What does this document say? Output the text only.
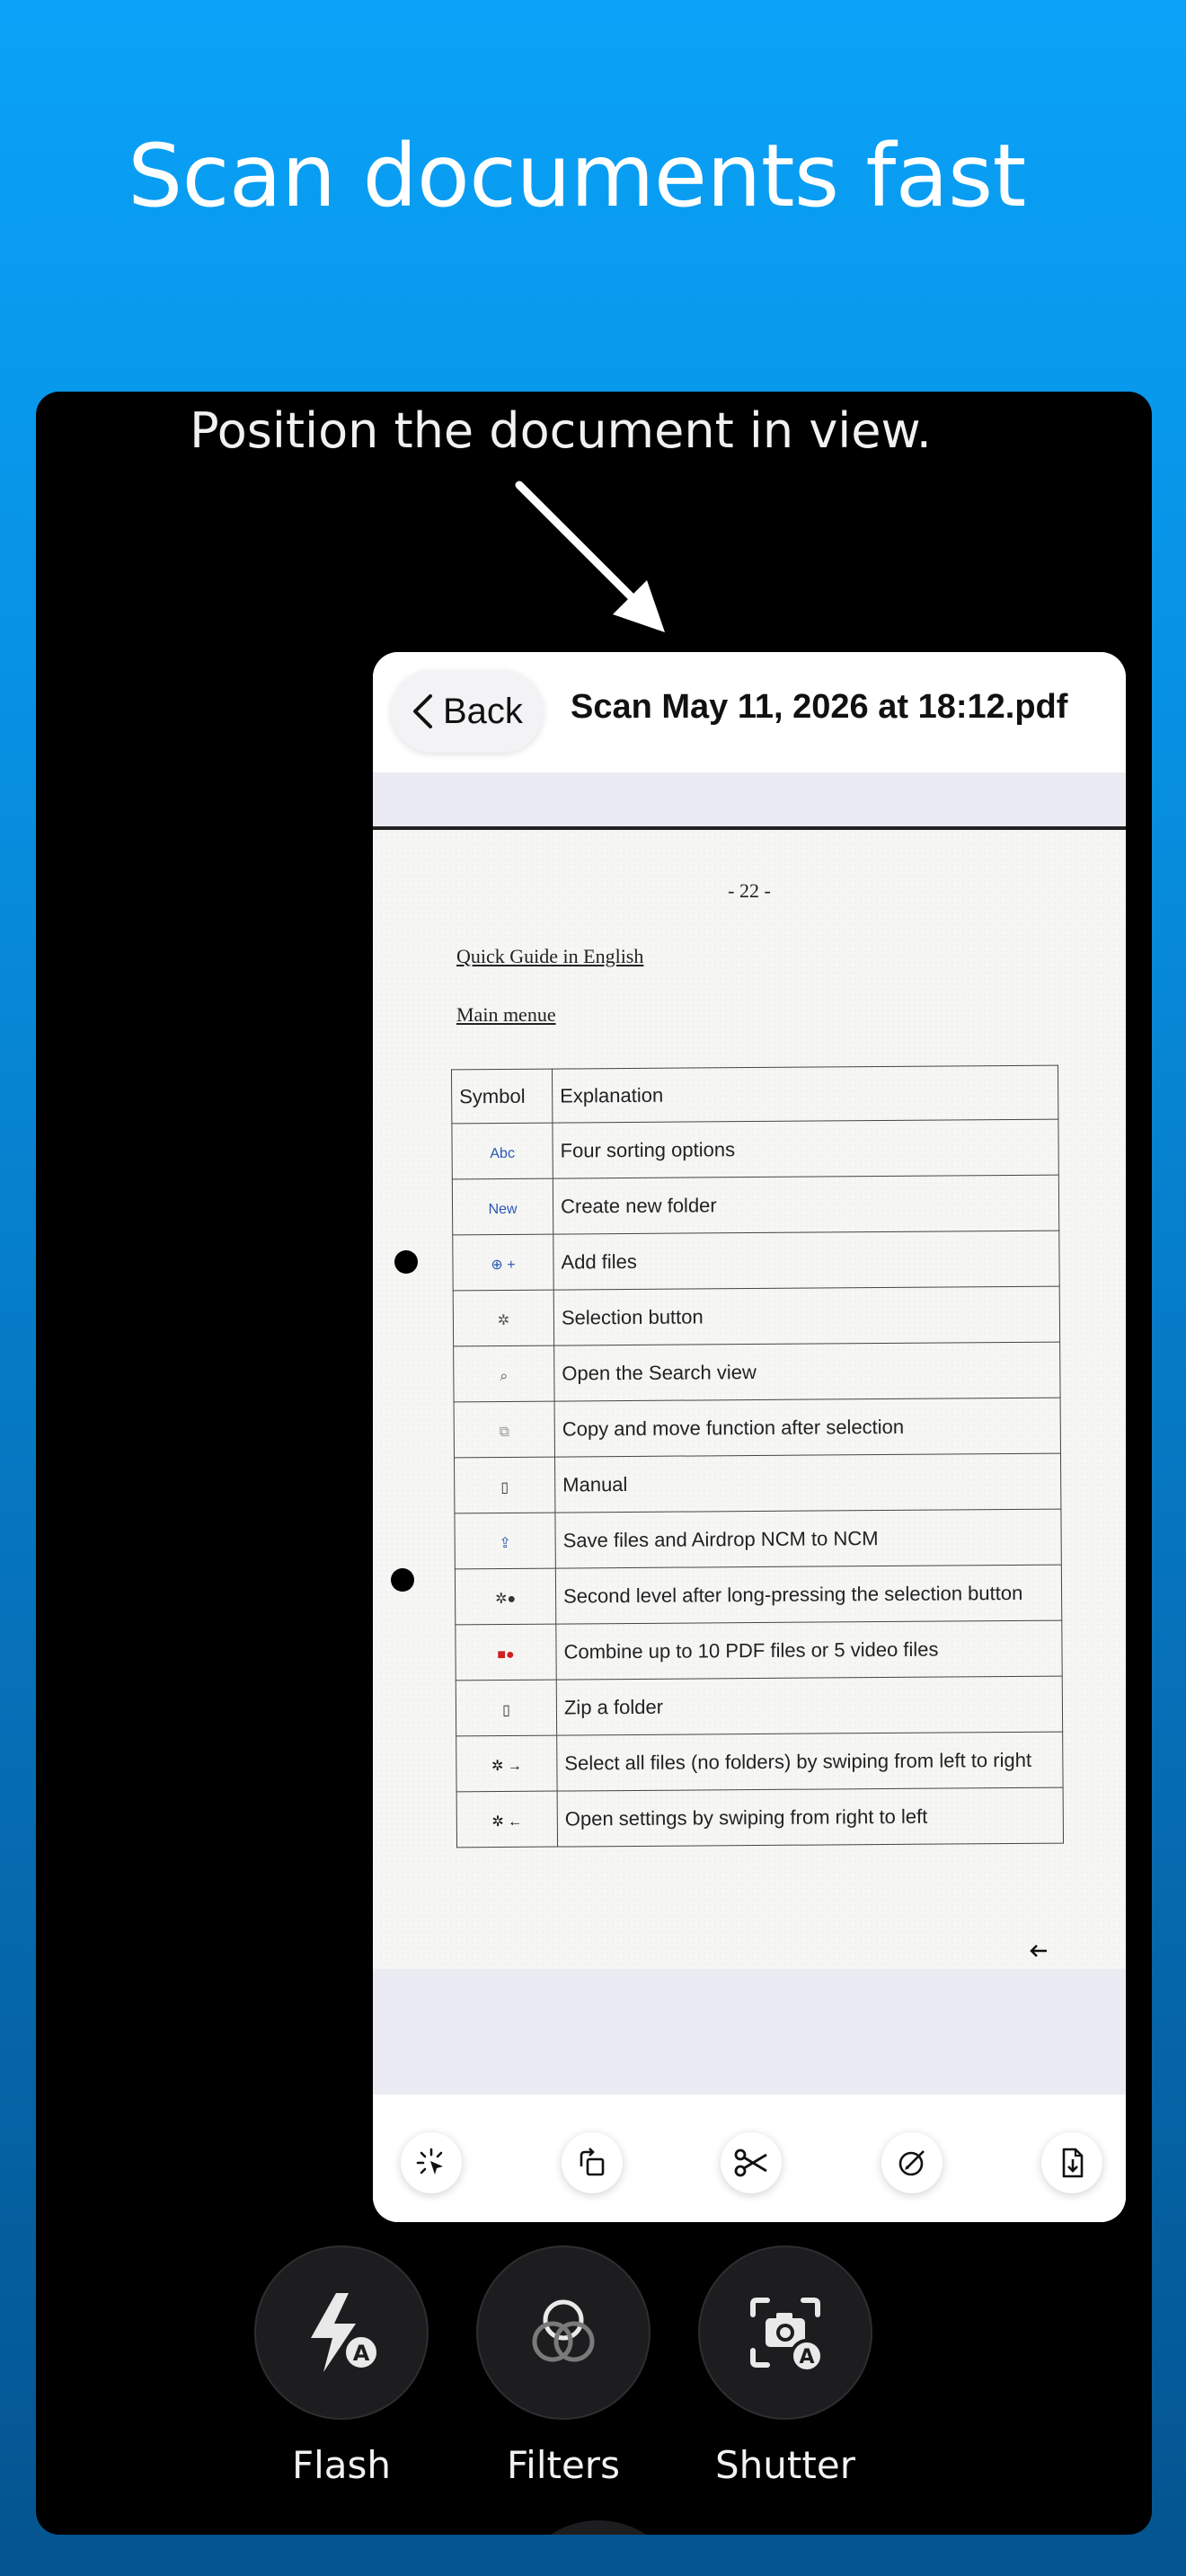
Scan documents fast
Position the document in view.
Back Scan May 11, 2026 at 18:12.pdf
- 22 -
Quick Guide in English
Main menue
Symbol	Explanation
Abc	Four sorting options
New	Create new folder
⊕ +	Add files
✲	Selection button
⌕	Open the Search view
⧉	Copy and move function after selection
▯	Manual
⇪	Save files and Airdrop NCM to NCM
✲●	Second level after long-pressing the selection button
■●	Combine up to 10 PDF files or 5 video files
▯	Zip a folder
✲ →	Select all files (no folders) by swiping from left to right
✲ ←	Open settings by swiping from right to left
A
Flash	Filters
A
Shutter
